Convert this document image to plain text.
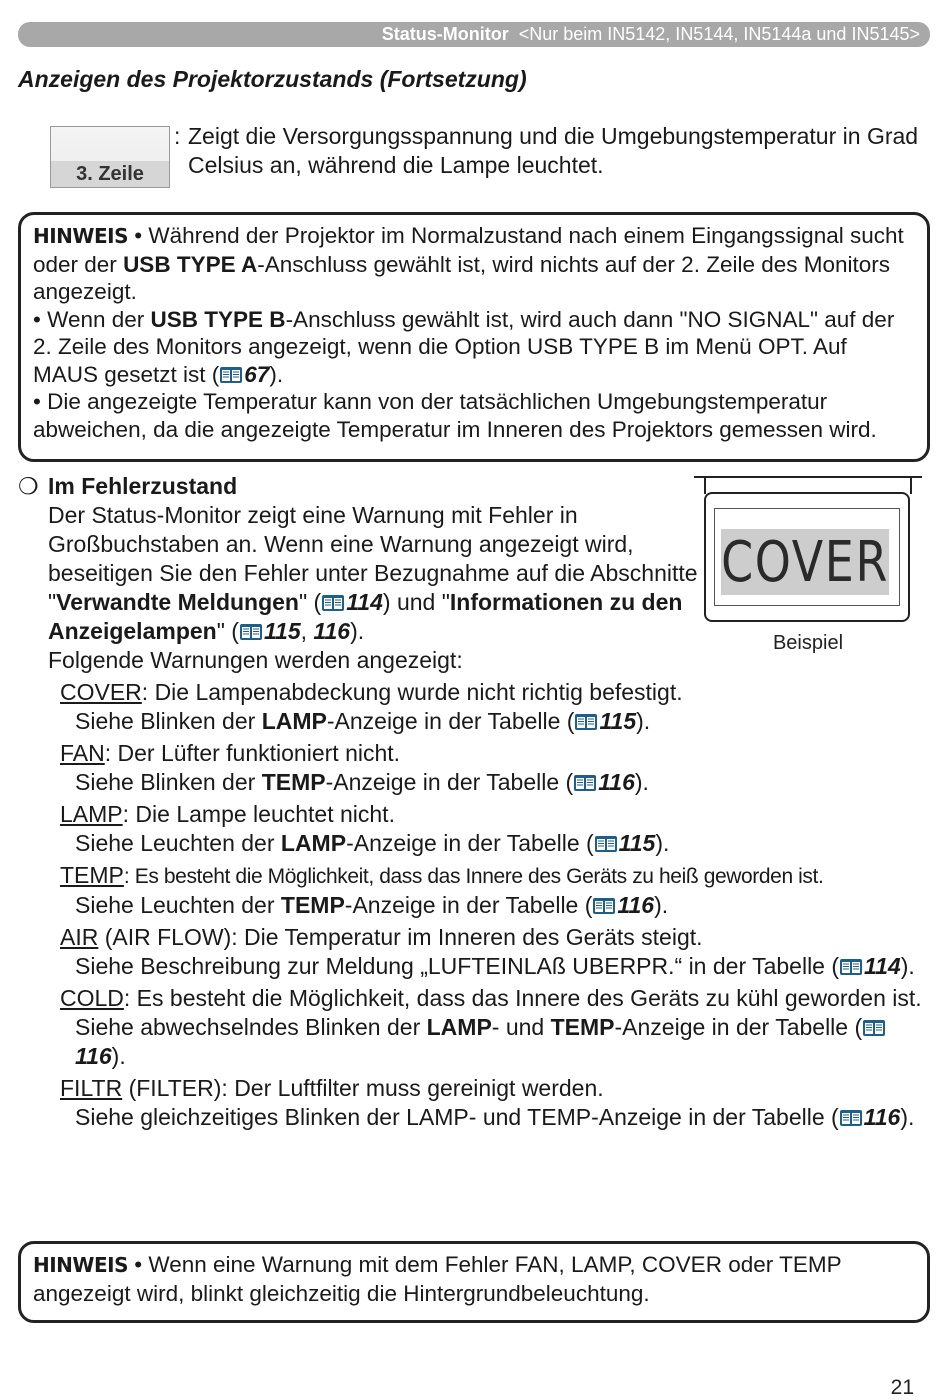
Status-Monitor <Nur beim IN5142, IN5144, IN5144a und IN5145>
Anzeigen des Projektorzustands (Fortsetzung)
3. Zeile
: Zeigt die Versorgungsspannung und die Umgebungstemperatur in Grad Celsius an, während die Lampe leuchtet.
HINWEIS • Während der Projektor im Normalzustand nach einem Eingangssignal sucht oder der USB TYPE A-Anschluss gewählt ist, wird nichts auf der 2. Zeile des Monitors angezeigt.
• Wenn der USB TYPE B-Anschluss gewählt ist, wird auch dann "NO SIGNAL" auf der 2. Zeile des Monitors angezeigt, wenn die Option USB TYPE B im Menü OPT. Auf MAUS gesetzt ist ( 67).
• Die angezeigte Temperatur kann von der tatsächlichen Umgebungstemperatur abweichen, da die angezeigte Temperatur im Inneren des Projektors gemessen wird.
❍ Im Fehlerzustand
Der Status-Monitor zeigt eine Warnung mit Fehler in Großbuchstaben an. Wenn eine Warnung angezeigt wird, beseitigen Sie den Fehler unter Bezugnahme auf die Abschnitte "Verwandte Meldungen" ( 114) und "Informationen zu den Anzeigelampen" ( 115, 116).
Folgende Warnungen werden angezeigt:
COVER
Beispiel
COVER: Die Lampenabdeckung wurde nicht richtig befestigt.
Siehe Blinken der LAMP-Anzeige in der Tabelle ( 115).
FAN: Der Lüfter funktioniert nicht.
Siehe Blinken der TEMP-Anzeige in der Tabelle ( 116).
LAMP: Die Lampe leuchtet nicht.
Siehe Leuchten der LAMP-Anzeige in der Tabelle ( 115).
TEMP: Es besteht die Möglichkeit, dass das Innere des Geräts zu heiß geworden ist.
Siehe Leuchten der TEMP-Anzeige in der Tabelle ( 116).
AIR (AIR FLOW): Die Temperatur im Inneren des Geräts steigt.
Siehe Beschreibung zur Meldung „LUFTEINLAß UBERPR.“ in der Tabelle ( 114).
COLD: Es besteht die Möglichkeit, dass das Innere des Geräts zu kühl geworden ist.
Siehe abwechselndes Blinken der LAMP- und TEMP-Anzeige in der Tabelle (116).
FILTR (FILTER): Der Luftfilter muss gereinigt werden.
Siehe gleichzeitiges Blinken der LAMP- und TEMP-Anzeige in der Tabelle ( 116).
HINWEIS • Wenn eine Warnung mit dem Fehler FAN, LAMP, COVER oder TEMP angezeigt wird, blinkt gleichzeitig die Hintergrundbeleuchtung.
21
